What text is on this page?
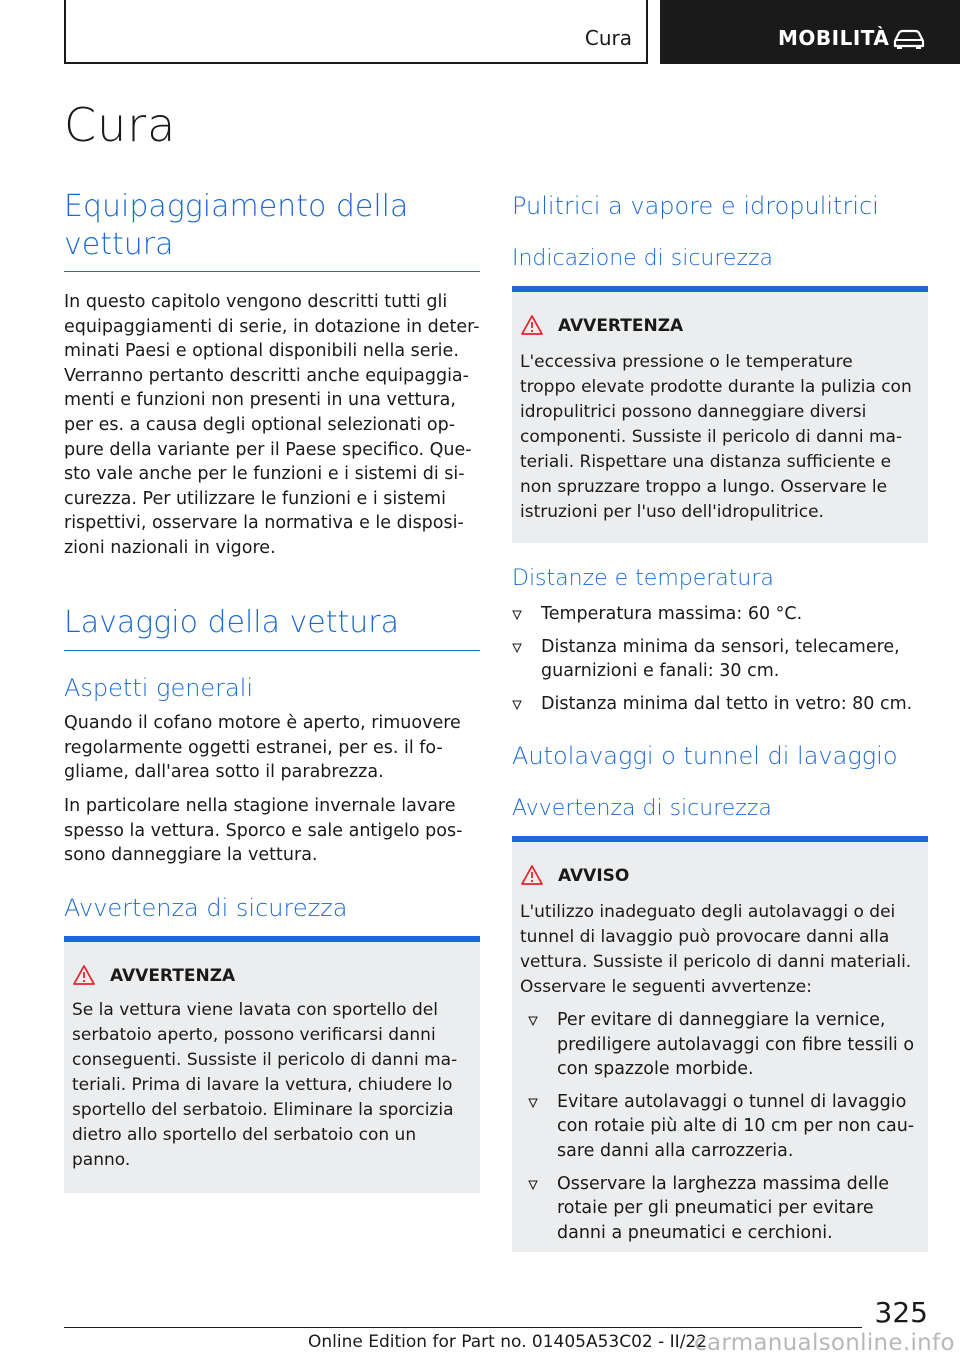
Cura	MOBILITÀ
Cura
Equipaggiamento della
vettura
In questo capitolo vengono descritti tutti gli
equipaggiamenti di serie, in dotazione in deter-
minati Paesi e optional disponibili nella serie.
Verranno pertanto descritti anche equipaggia-
menti e funzioni non presenti in una vettura,
per es. a causa degli optional selezionati op-
pure della variante per il Paese specifico. Que-
sto vale anche per le funzioni e i sistemi di si-
curezza. Per utilizzare le funzioni e i sistemi
rispettivi, osservare la normativa e le disposi-
zioni nazionali in vigore.
Lavaggio della vettura
Aspetti generali
Quando il cofano motore è aperto, rimuovere
regolarmente oggetti estranei, per es. il fo-
gliame, dall'area sotto il parabrezza.
In particolare nella stagione invernale lavare
spesso la vettura. Sporco e sale antigelo pos-
sono danneggiare la vettura.
Avvertenza di sicurezza
AVVERTENZA
Se la vettura viene lavata con sportello del
serbatoio aperto, possono verificarsi danni
conseguenti. Sussiste il pericolo di danni ma-
teriali. Prima di lavare la vettura, chiudere lo
sportello del serbatoio. Eliminare la sporcizia
dietro allo sportello del serbatoio con un
panno.
Pulitrici a vapore e idropulitrici
Indicazione di sicurezza
AVVERTENZA
L'eccessiva pressione o le temperature
troppo elevate prodotte durante la pulizia con
idropulitrici possono danneggiare diversi
componenti. Sussiste il pericolo di danni ma-
teriali. Rispettare una distanza sufficiente e
non spruzzare troppo a lungo. Osservare le
istruzioni per l'uso dell'idropulitrice.
Distanze e temperatura
Temperatura massima: 60 °C.
Distanza minima da sensori, telecamere,
guarnizioni e fanali: 30 cm.
Distanza minima dal tetto in vetro: 80 cm.
Autolavaggi o tunnel di lavaggio
Avvertenza di sicurezza
AVVISO
L'utilizzo inadeguato degli autolavaggi o dei
tunnel di lavaggio può provocare danni alla
vettura. Sussiste il pericolo di danni materiali.
Osservare le seguenti avvertenze:
Per evitare di danneggiare la vernice,
prediligere autolavaggi con fibre tessili o
con spazzole morbide.
Evitare autolavaggi o tunnel di lavaggio
con rotaie più alte di 10 cm per non cau-
sare danni alla carrozzeria.
Osservare la larghezza massima delle
rotaie per gli pneumatici per evitare
danni a pneumatici e cerchioni.
325
Online Edition for Part no. 01405A53C02 - II/22
carmanualsonline.info
